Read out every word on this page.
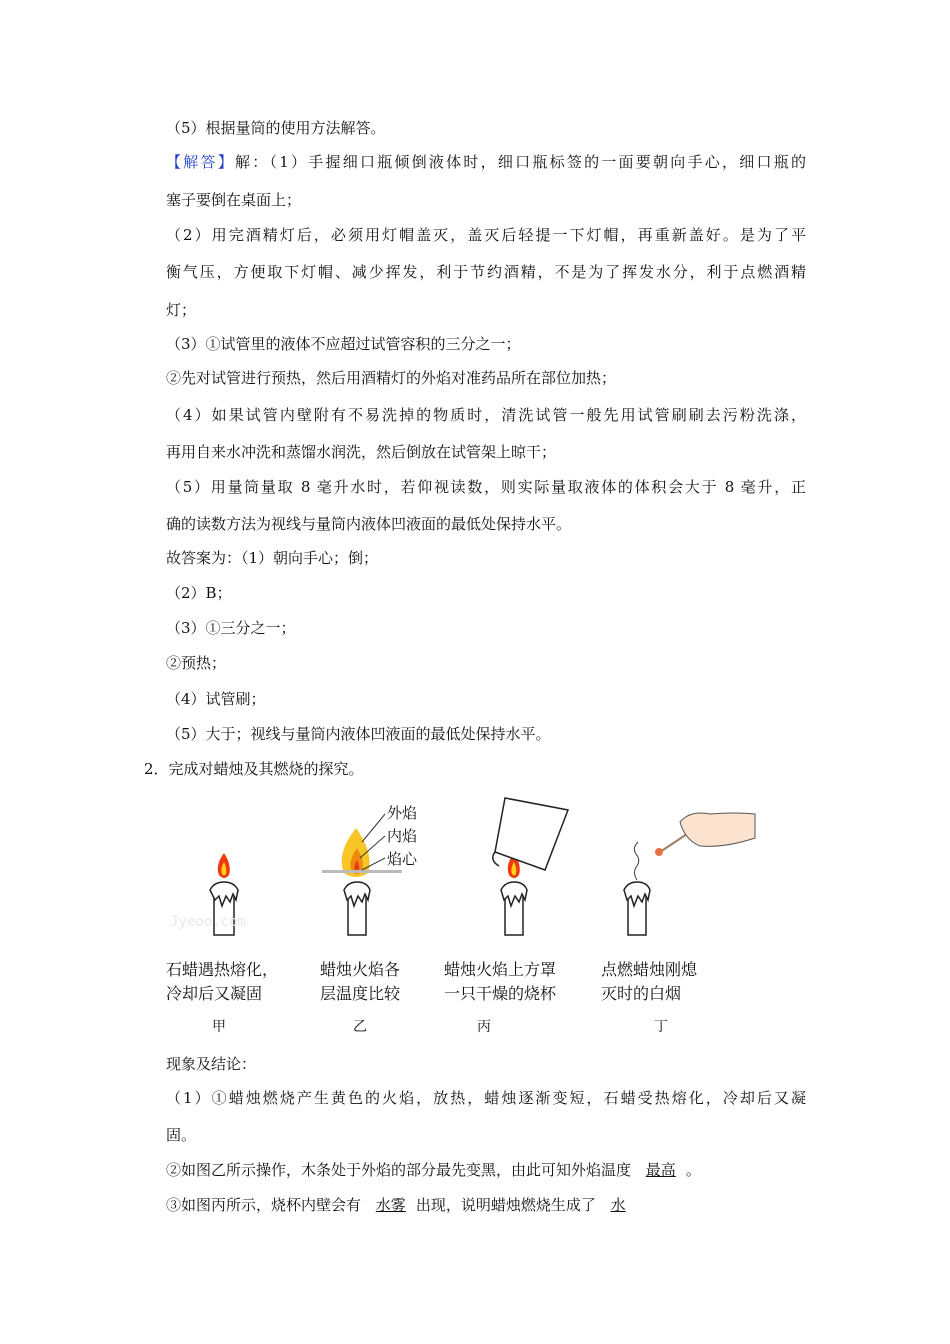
（5）根据量筒的使用方法解答。
【解答】解：（1）手握细口瓶倾倒液体时，细口瓶标签的一面要朝向手心，细口瓶的
塞子要倒在桌面上；
（2）用完酒精灯后，必须用灯帽盖灭，盖灭后轻提一下灯帽，再重新盖好。是为了平
衡气压，方便取下灯帽、减少挥发，利于节约酒精，不是为了挥发水分，利于点燃酒精
灯；
（3）①试管里的液体不应超过试管容积的三分之一；
②先对试管进行预热，然后用酒精灯的外焰对准药品所在部位加热；
（4）如果试管内壁附有不易洗掉的物质时，清洗试管一般先用试管刷刷去污粉洗涤，
再用自来水冲洗和蒸馏水润洗，然后倒放在试管架上晾干；
（5）用量筒量取 8 毫升水时，若仰视读数，则实际量取液体的体积会大于 8 毫升，正
确的读数方法为视线与量筒内液体凹液面的最低处保持水平。
故答案为：（1）朝向手心；倒；
（2）B；
（3）①三分之一；
②预热；
（4）试管刷；
（5）大于；视线与量筒内液体凹液面的最低处保持水平。
2．完成对蜡烛及其燃烧的探究。
Jyeoo.com
外焰
内焰
焰心
石蜡遇热熔化，
冷却后又凝固
蜡烛火焰各
层温度比较
蜡烛火焰上方罩
一只干燥的烧杯
点燃蜡烛刚熄
灭时的白烟
甲	乙	丙	丁
现象及结论：
（1）①蜡烛燃烧产生黄色的火焰，放热，蜡烛逐渐变短，石蜡受热熔化，冷却后又凝
固。
②如图乙所示操作，木条处于外焰的部分最先变黑，由此可知外焰温度 最高 。
③如图丙所示，烧杯内壁会有 水雾 出现，说明蜡烛燃烧生成了 水
